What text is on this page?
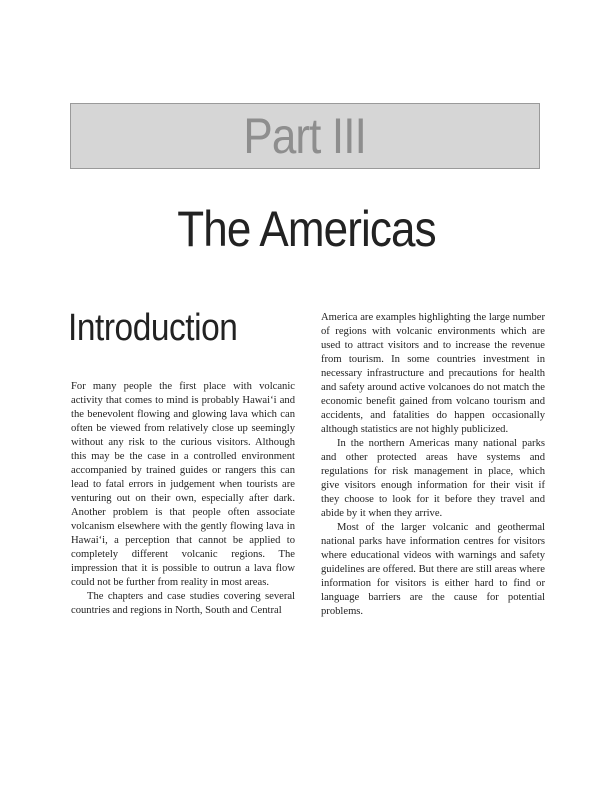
Part III
The Americas
Introduction

For many people the first place with volcanic activity that comes to mind is probably Hawai‘i and the benevolent flowing and glowing lava which can often be viewed from relatively close up seemingly without any risk to the curious visitors. Although this may be the case in a controlled environment accompanied by trained guides or rangers this can lead to fatal errors in judgement when tourists are venturing out on their own, especially after dark. Another problem is that people often associate volcanism elsewhere with the gently flowing lava in Hawai‘i, a perception that cannot be applied to completely different volcanic regions. The impression that it is possible to outrun a lava flow could not be further from reality in most areas.

The chapters and case studies covering several countries and regions in North, South and Central

America are examples highlighting the large number of regions with volcanic environments which are used to attract visitors and to increase the revenue from tourism. In some countries investment in necessary infrastructure and precautions for health and safety around active volcanoes do not match the economic benefit gained from volcano tourism and accidents, and fatalities do happen occasionally although statistics are not highly publicized.

In the northern Americas many national parks and other protected areas have systems and regulations for risk management in place, which give visitors enough information for their visit if they choose to look for it before they travel and abide by it when they arrive.

Most of the larger volcanic and geothermal national parks have information centres for visitors where educational videos with warnings and safety guidelines are offered. But there are still areas where information for visitors is either hard to find or language barriers are the cause for potential problems.
